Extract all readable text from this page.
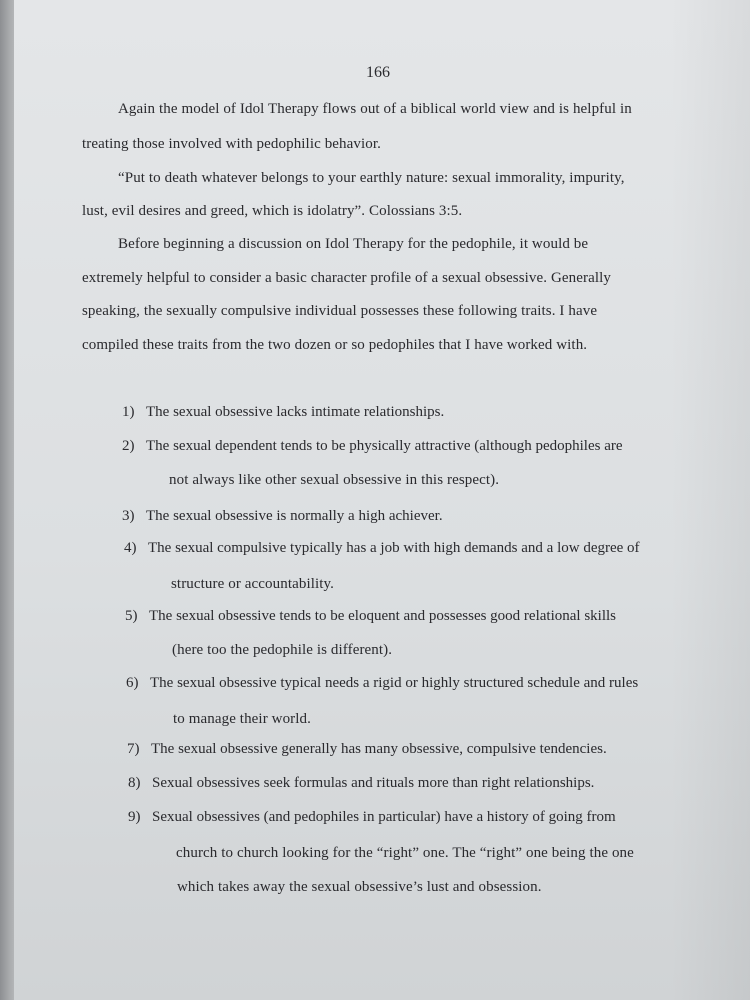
166
Again the model of Idol Therapy flows out of a biblical world view and is helpful in
treating those involved with pedophilic behavior.
“Put to death whatever belongs to your earthly nature: sexual immorality, impurity,
lust, evil desires and greed, which is idolatry”. Colossians 3:5.
Before beginning a discussion on Idol Therapy for the pedophile, it would be
extremely helpful to consider a basic character profile of a sexual obsessive. Generally
speaking, the sexually compulsive individual possesses these following traits. I have
compiled these traits from the two dozen or so pedophiles that I have worked with.
1) The sexual obsessive lacks intimate relationships.
2) The sexual dependent tends to be physically attractive (although pedophiles are
not always like other sexual obsessive in this respect).
3) The sexual obsessive is normally a high achiever.
4) The sexual compulsive typically has a job with high demands and a low degree of
structure or accountability.
5) The sexual obsessive tends to be eloquent and possesses good relational skills
(here too the pedophile is different).
6) The sexual obsessive typical needs a rigid or highly structured schedule and rules
to manage their world.
7) The sexual obsessive generally has many obsessive, compulsive tendencies.
8) Sexual obsessives seek formulas and rituals more than right relationships.
9) Sexual obsessives (and pedophiles in particular) have a history of going from
church to church looking for the “right” one. The “right” one being the one
which takes away the sexual obsessive’s lust and obsession.
